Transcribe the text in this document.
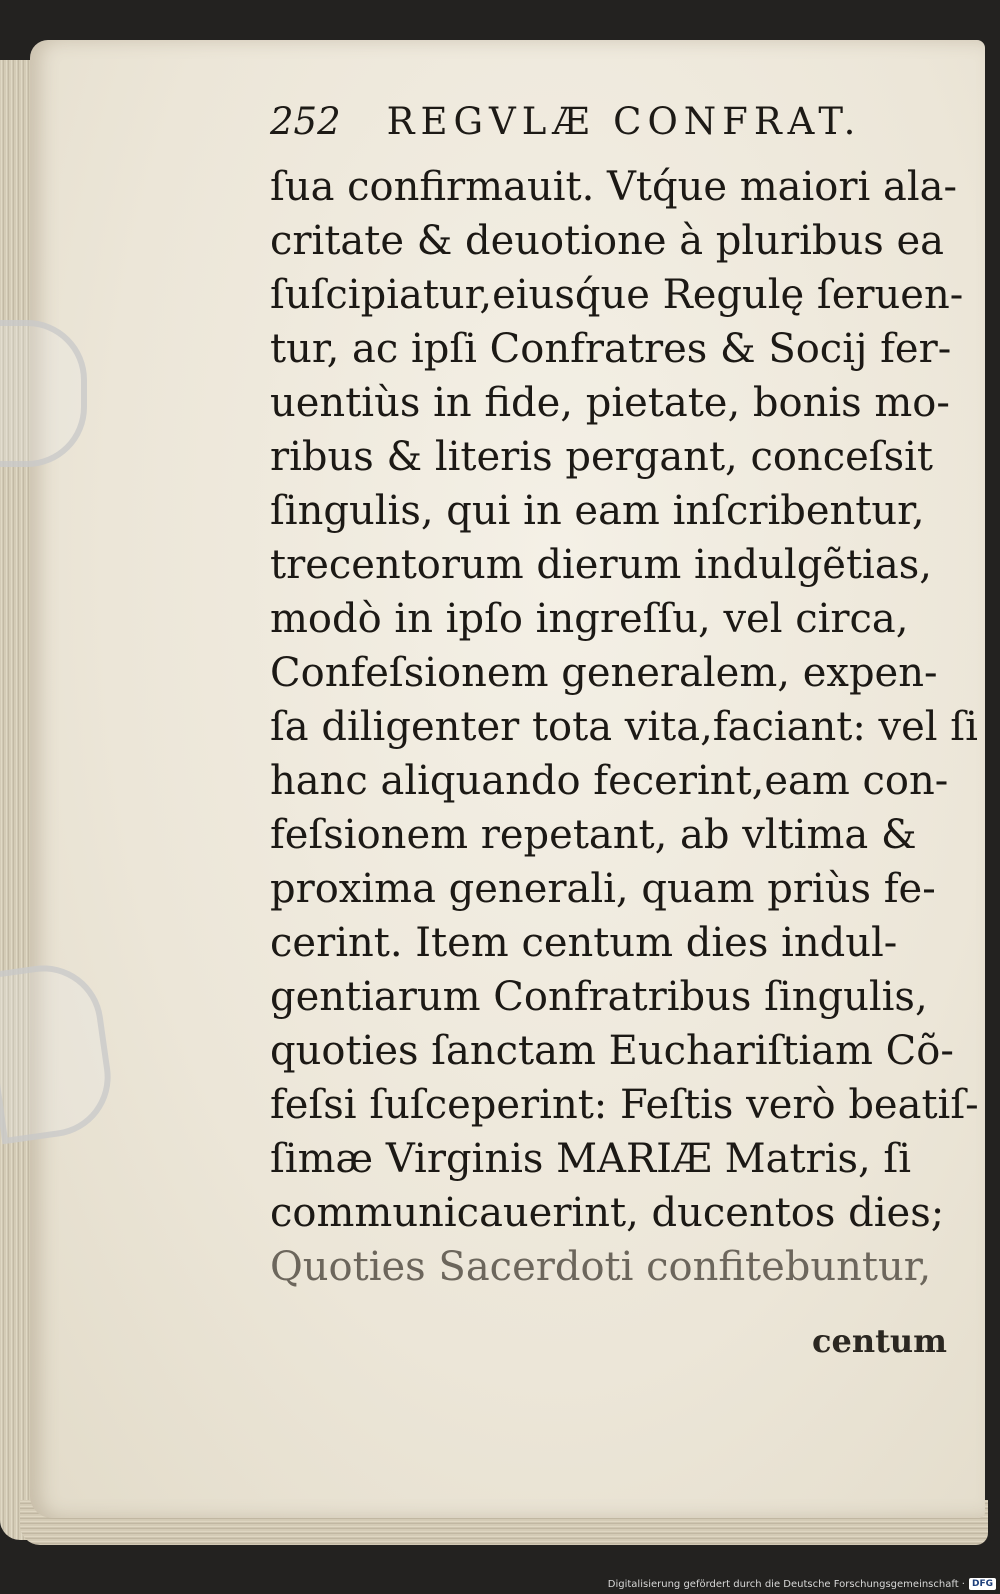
252 REGVLÆ CONFRAT.
ſua confirmauit. Vtq́ue maiori ala-
critate & deuotione à pluribus ea
ſuſcipiatur,eiusq́ue Regulę ſeruen-
tur, ac ipſi Confratres & Socij fer-
uentiùs in fide, pietate, bonis mo-
ribus & literis pergant, conceſsit
ſingulis, qui in eam inſcribentur,
trecentorum dierum indulgẽtias,
modò in ipſo ingreſſu, vel circa,
Confeſsionem generalem, expen-
ſa diligenter tota vita,faciant: vel ſi
hanc aliquando fecerint,eam con-
feſsionem repetant, ab vltima &
proxima generali, quam priùs fe-
cerint. Item centum dies indul-
gentiarum Confratribus ſingulis,
quoties ſanctam Euchariſtiam Cõ-
feſsi ſuſceperint: Feſtis verò beatiſ-
ſimæ Virginis MARIÆ Matris, ſi
communicauerint, ducentos dies;
Quoties Sacerdoti confitebuntur,
centum
Digitalisierung gefördert durch die Deutsche Forschungsgemeinschaft · DFG
